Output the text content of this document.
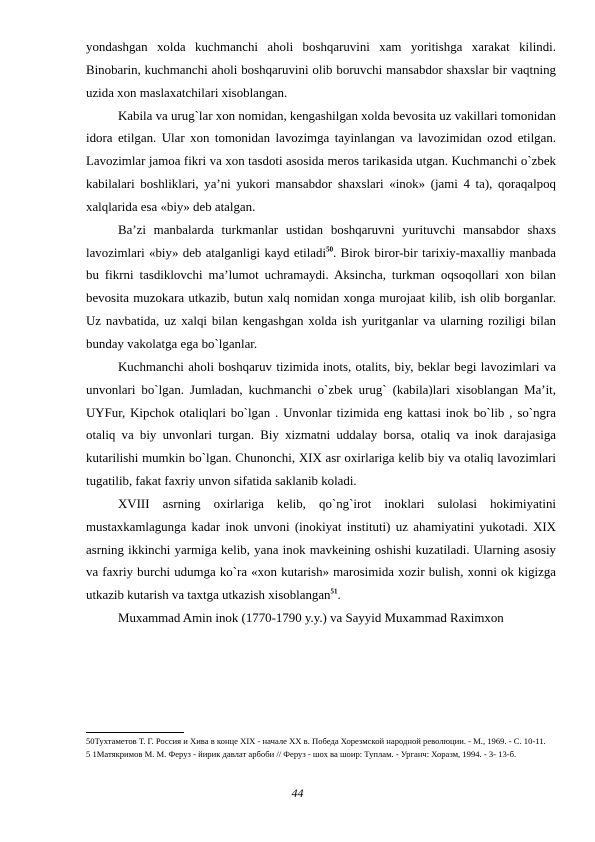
yondashgan xolda kuchmanchi aholi boshqaruvini xam yoritishga xarakat kilindi. Binobarin, kuchmanchi aholi boshqaruvini olib boruvchi mansabdor shaxslar bir vaqtning uzida xon maslaxatchilari xisoblangan.

Kabila va urug`lar xon nomidan, kengashilgan xolda bevosita uz vakillari tomonidan idora etilgan. Ular xon tomonidan lavozimga tayinlangan va lavozimidan ozod etilgan. Lavozimlar jamoa fikri va xon tasdoti asosida meros tarikasida utgan. Kuchmanchi o`zbek kabilalari boshliklari, ya’ni yukori mansabdor shaxslari «inok» (jami 4 ta), qoraqalpoq xalqlarida esa «biy» deb atalgan.

Ba’zi manbalarda turkmanlar ustidan boshqaruvni yurituvchi mansabdor shaxs lavozimlari «biy» deb atalganligi kayd etiladi$^{50}$. Birok biror-bir tarixiy-maxalliy manbada bu fikrni tasdiklovchi ma’lumot uchramaydi. Aksincha, turkman oqsoqollari xon bilan bevosita muzokara utkazib, butun xalq nomidan xonga murojaat kilib, ish olib borganlar. Uz navbatida, uz xalqi bilan kengashgan xolda ish yuritganlar va ularning roziligi bilan bunday vakolatga ega bo`lganlar.

Kuchmanchi aholi boshqaruv tizimida inots, otalits, biy, beklar begi lavozimlari va unvonlari bo`lgan. Jumladan, kuchmanchi o`zbek urug` (kabila)lari xisoblangan Ma’it, UYFur, Kipchok otaliqlari bo`lgan . Unvonlar tizimida eng kattasi inok bo`lib , so`ngra otaliq va biy unvonlari turgan. Biy xizmatni uddalay borsa, otaliq va inok darajasiga kutarilishi mumkin bo`lgan. Chunonchi, XIX asr oxirlariga kelib biy va otaliq lavozimlari tugatilib, fakat faxriy unvon sifatida saklanib koladi.

XVIII asrning oxirlariga kelib, qo`ng`irot inoklari sulolasi hokimiyatini mustaxkamlagunga kadar inok unvoni (inokiyat instituti) uz ahamiyatini yukotadi. XIX asrning ikkinchi yarmiga kelib, yana inok mavkeining oshishi kuzatiladi. Ularning asosiy va faxriy burchi udumga ko`ra «xon kutarish» marosimida xozir bulish, xonni ok kigizga utkazib kutarish va taxtga utkazish xisoblangan$^{51}$.

Muxammad Amin inok (1770-1790 y.y.) va Sayyid Muxammad Raximxon

50Тухтаметов Т. Г. Россия и Хива в конце XIX - начале XX в. Победа Хорезмской народной революции. - М., 1969. - С. 10-11.

5 1Матякримов М. М. Феруз - йирик давлат арбоби // Феруз - шох ва шоир: Туплам. - Урганч: Хоразм, 1994. - 3- 13-б.

44
